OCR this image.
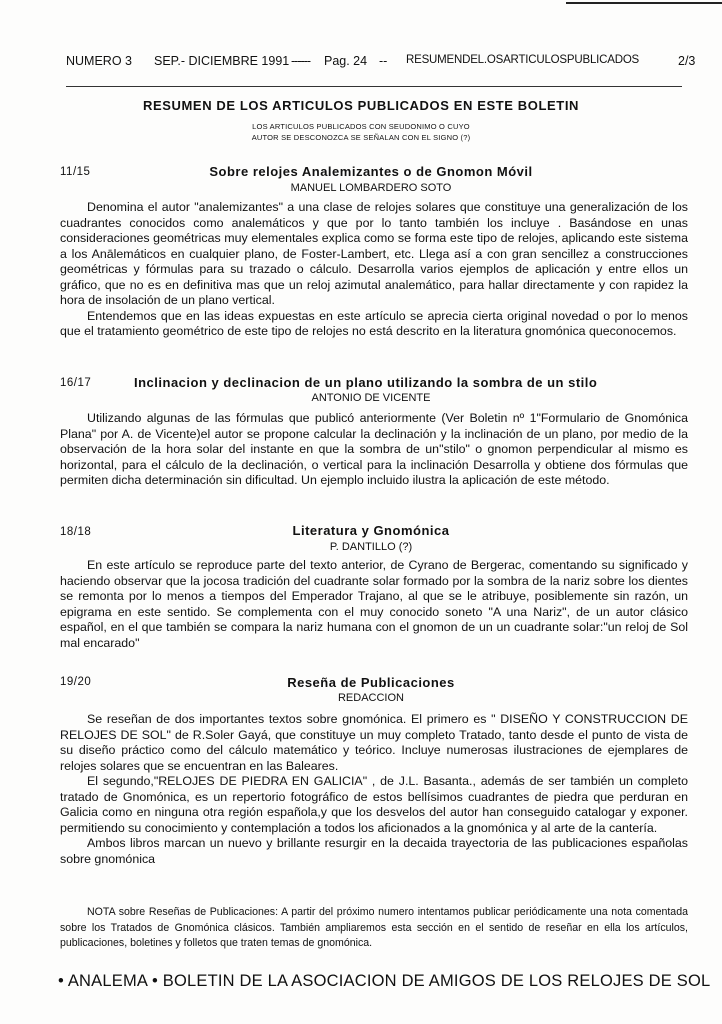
NUMERO 3 SEP.- DICIEMBRE 1991 ------ Pag. 24 -- RESUMENDEL.OSARTICULOSPUBLICADOS	2/3
RESUMEN DE LOS ARTICULOS PUBLICADOS EN ESTE BOLETIN
LOS ARTICULOS PUBLICADOS CON SEUDONIMO O CUYO
AUTOR SE DESCONOZCA SE SEÑALAN CON EL SIGNO (?)
11/15	Sobre relojes Analemizantes o de Gnomon Móvil
MANUEL LOMBARDERO SOTO

Denomina el autor "analemizantes" a una clase de relojes solares que constituye una generalización de los cuadrantes conocidos como analemáticos y que por lo tanto también los incluye . Basándose en unas consideraciones geométricas muy elementales explica como se forma este tipo de relojes, aplicando este sistema a los Anālemáticos en cualquier plano, de Foster-Lambert, etc. Llega así a con gran sencillez a construcciones geométricas y fórmulas para su trazado o cálculo. Desarrolla varios ejemplos de aplicación y entre ellos un gráfico, que no es en definitiva mas que un reloj azimutal analemático, para hallar directamente y con rapidez la hora de insolación de un plano vertical.

Entendemos que en las ideas expuestas en este artículo se aprecia cierta original novedad o por lo menos que el tratamiento geométrico de este tipo de relojes no está descrito en la literatura gnomónica queconocemos.

16/17	Inclinacion y declinacion de un plano utilizando la sombra de un stilo
ANTONIO DE VICENTE

Utilizando algunas de las fórmulas que publicó anteriormente (Ver Boletin nº 1"Formulario de Gnomónica Plana" por A. de Vicente)el autor se propone calcular la declinación y la inclinación de un plano, por medio de la observación de la hora solar del instante en que la sombra de un"stilo" o gnomon perpendicular al mismo es horizontal, para el cálculo de la declinación, o vertical para la inclinación Desarrolla y obtiene dos fórmulas que permiten dicha determinación sin dificultad. Un ejemplo incluido ilustra la aplicación de este método.

18/18	Literatura y Gnomónica
P. DANTILLO (?)

En este artículo se reproduce parte del texto anterior, de Cyrano de Bergerac, comentando su significado y haciendo observar que la jocosa tradición del cuadrante solar formado por la sombra de la nariz sobre los dientes se remonta por lo menos a tiempos del Emperador Trajano, al que se le atribuye, posiblemente sin razón, un epigrama en este sentido. Se complementa con el muy conocido soneto "A una Nariz", de un autor clásico español, en el que también se compara la nariz humana con el gnomon de un un cuadrante solar:"un reloj de Sol mal encarado"

19/20	Reseña de Publicaciones
REDACCION

Se reseñan de dos importantes textos sobre gnomónica. El primero es " DISEÑO Y CONSTRUCCION DE RELOJES DE SOL" de R.Soler Gayá, que constituye un muy completo Tratado, tanto desde el punto de vista de su diseño práctico como del cálculo matemático y teórico. Incluye numerosas ilustraciones de ejemplares de relojes solares que se encuentran en las Baleares.

El segundo,"RELOJES DE PIEDRA EN GALICIA" , de J.L. Basanta., además de ser también un completo tratado de Gnomónica, es un repertorio fotográfico de estos bellísimos cuadrantes de piedra que perduran en Galicia como en ninguna otra región española,y que los desvelos del autor han conseguido catalogar y exponer. permitiendo su conocimiento y contemplación a todos los aficionados a la gnomónica y al arte de la cantería.

Ambos libros marcan un nuevo y brillante resurgir en la decaida trayectoria de las publicaciones españolas sobre gnomónica

NOTA sobre Reseñas de Publicaciones: A partir del próximo numero intentamos publicar periódicamente una nota comentada sobre los Tratados de Gnomónica clásicos. También ampliaremos esta sección en el sentido de reseñar en ella los artículos, publicaciones, boletines y folletos que traten temas de gnomónica.

• ANALEMA • BOLETIN DE LA ASOCIACION DE AMIGOS DE LOS RELOJES DE SOL
